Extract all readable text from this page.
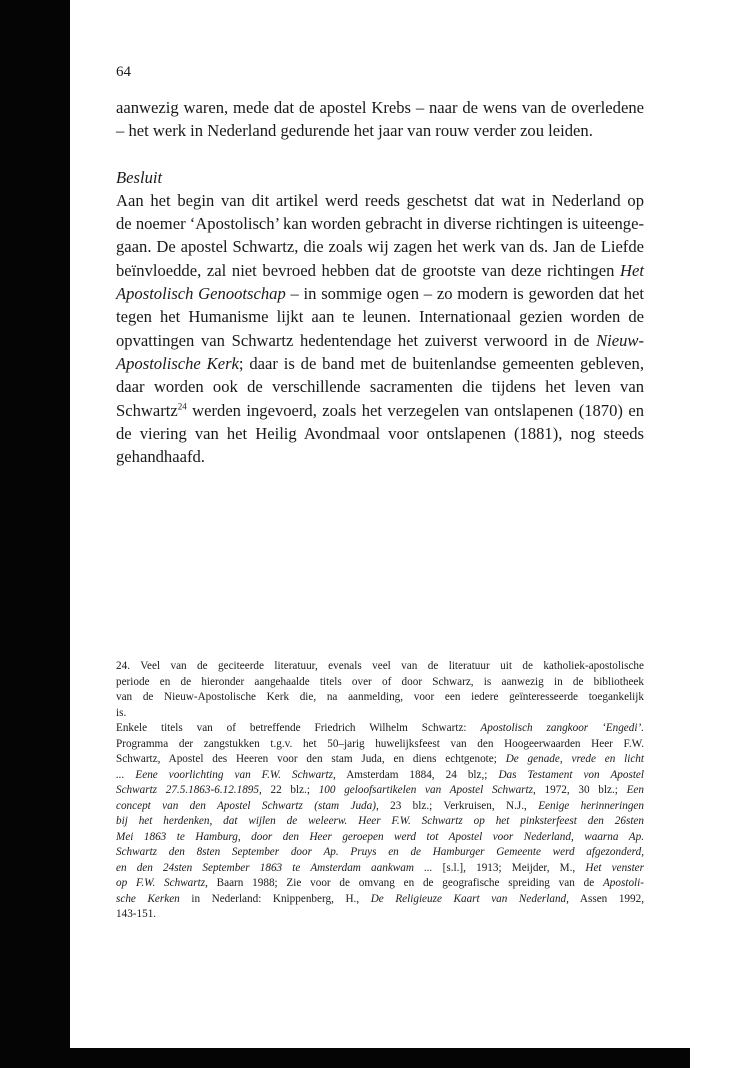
64

aanwezig waren, mede dat de apostel Krebs – naar de wens van de overledene
– het werk in Nederland gedurende het jaar van rouw verder zou leiden.

Besluit

Aan het begin van dit artikel werd reeds geschetst dat wat in Nederland op
de noemer ‘Apostolisch’ kan worden gebracht in diverse richtingen is uiteenge-
gaan. De apostel Schwartz, die zoals wij zagen het werk van ds. Jan de Liefde
beïnvloedde, zal niet bevroed hebben dat de grootste van deze richtingen Het
Apostolisch Genootschap – in sommige ogen – zo modern is geworden dat het
tegen het Humanisme lijkt aan te leunen. Internationaal gezien worden de
opvattingen van Schwartz hedentendage het zuiverst verwoord in de Nieuw-
Apostolische Kerk; daar is de band met de buitenlandse gemeenten gebleven,
daar worden ook de verschillende sacramenten die tijdens het leven van
Schwartz$^{24}$ werden ingevoerd, zoals het verzegelen van ontslapenen (1870) en
de viering van het Heilig Avondmaal voor ontslapenen (1881), nog steeds
gehandhaafd.

24. Veel van de geciteerde literatuur, evenals veel van de literatuur uit de katholiek-apostolische
periode en de hieronder aangehaalde titels over of door Schwarz, is aanwezig in de bibliotheek
van de Nieuw-Apostolische Kerk die, na aanmelding, voor een iedere geïnteresseerde toegankelijk
is.
Enkele titels van of betreffende Friedrich Wilhelm Schwartz: Apostolisch zangkoor ‘Engedi’.
Programma der zangstukken t.g.v. het 50–jarig huwelijksfeest van den Hoogeerwaarden Heer F.W.
Schwartz, Apostel des Heeren voor den stam Juda, en diens echtgenote; De genade, vrede en licht
... Eene voorlichting van F.W. Schwartz, Amsterdam 1884, 24 blz,; Das Testament von Apostel
Schwartz 27.5.1863-6.12.1895, 22 blz.; 100 geloofsartikelen van Apostel Schwartz, 1972, 30 blz.; Een
concept van den Apostel Schwartz (stam Juda), 23 blz.; Verkruisen, N.J., Eenige herinneringen
bij het herdenken, dat wijlen de weleerw. Heer F.W. Schwartz op het pinksterfeest den 26sten
Mei 1863 te Hamburg, door den Heer geroepen werd tot Apostel voor Nederland, waarna Ap.
Schwartz den 8sten September door Ap. Pruys en de Hamburger Gemeente werd afgezonderd,
en den 24sten September 1863 te Amsterdam aankwam ... [s.l.], 1913; Meijder, M., Het venster
op F.W. Schwartz, Baarn 1988; Zie voor de omvang en de geografische spreiding van de Apostoli-
sche Kerken in Nederland: Knippenberg, H., De Religieuze Kaart van Nederland, Assen 1992,
143-151.
